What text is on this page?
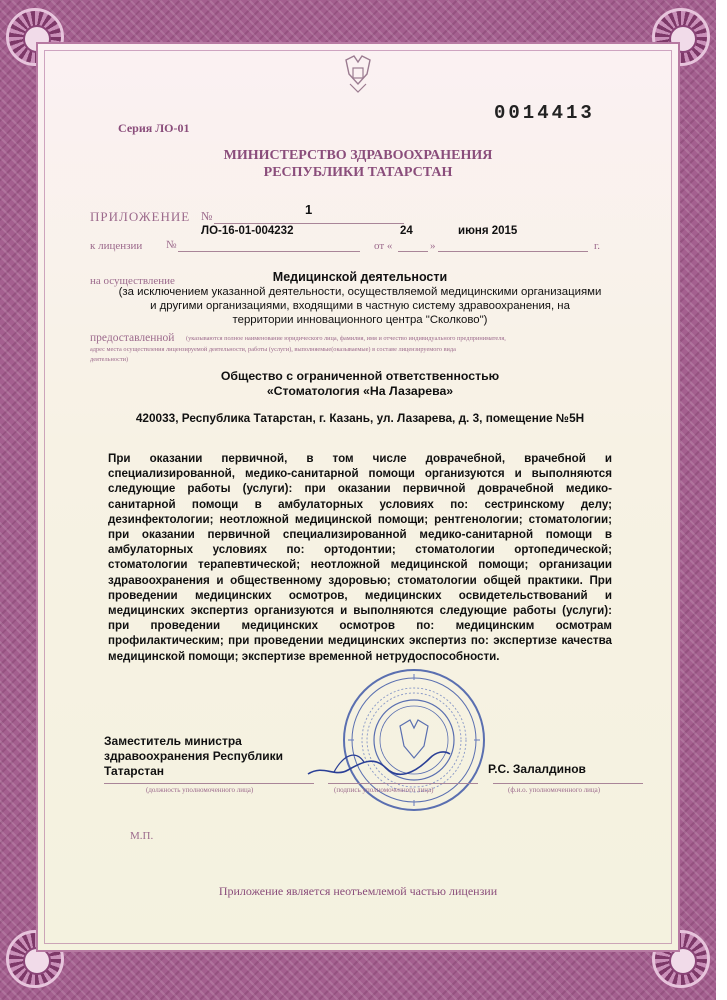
Серия ЛО-01
0014413
МИНИСТЕРСТВО ЗДРАВООХРАНЕНИЯ
РЕСПУБЛИКИ ТАТАРСТАН
ПРИЛОЖЕНИЕ №	1
к лицензии №
ЛО-16-01-004232
от «
24
»
июня 2015
г.
на осуществление	Медицинской деятельности
(за исключением указанной деятельности, осуществляемой медицинскими организациями
и другими организациями, входящими в частную систему здравоохранения, на
территории инновационного центра "Сколково")
предоставленной (указываются полное наименование юридического лица, фамилия, имя и отчество индивидуального предпринимателя,
адрес места осуществления лицензируемой деятельности, работы (услуги), выполняемые(оказываемые) в составе лицензируемого вида
деятельности)
Общество с ограниченной ответственностью
«Стоматология «На Лазарева»
420033, Республика Татарстан, г. Казань, ул. Лазарева, д. 3, помещение №5Н
При оказании первичной, в том числе доврачебной, врачебной и специализированной, медико-санитарной помощи организуются и выполняются следующие работы (услуги): при оказании первичной доврачебной медико-санитарной помощи в амбулаторных условиях по: сестринскому делу; дезинфектологии; неотложной медицинской помощи; рентгенологии; стоматологии; при оказании первичной специализированной медико-санитарной помощи в амбулаторных условиях по: ортодонтии; стоматологии ортопедической; стоматологии терапевтической; неотложной медицинской помощи; организации здравоохранения и общественному здоровью; стоматологии общей практики. При проведении медицинских осмотров, медицинских освидетельствований и медицинских экспертиз организуются и выполняются следующие работы (услуги): при проведении медицинских осмотров по: медицинским осмотрам профилактическим; при проведении медицинских экспертиз по: экспертизе качества медицинской помощи; экспертизе временной нетрудоспособности.
Заместитель министра
здравоохранения Республики
Татарстан	Р.С. Залалдинов
(должность уполномоченного лица)	(подпись уполномоченного лица)	(ф.и.о. уполномоченного лица)
М.П.
Приложение является неотъемлемой частью лицензии
